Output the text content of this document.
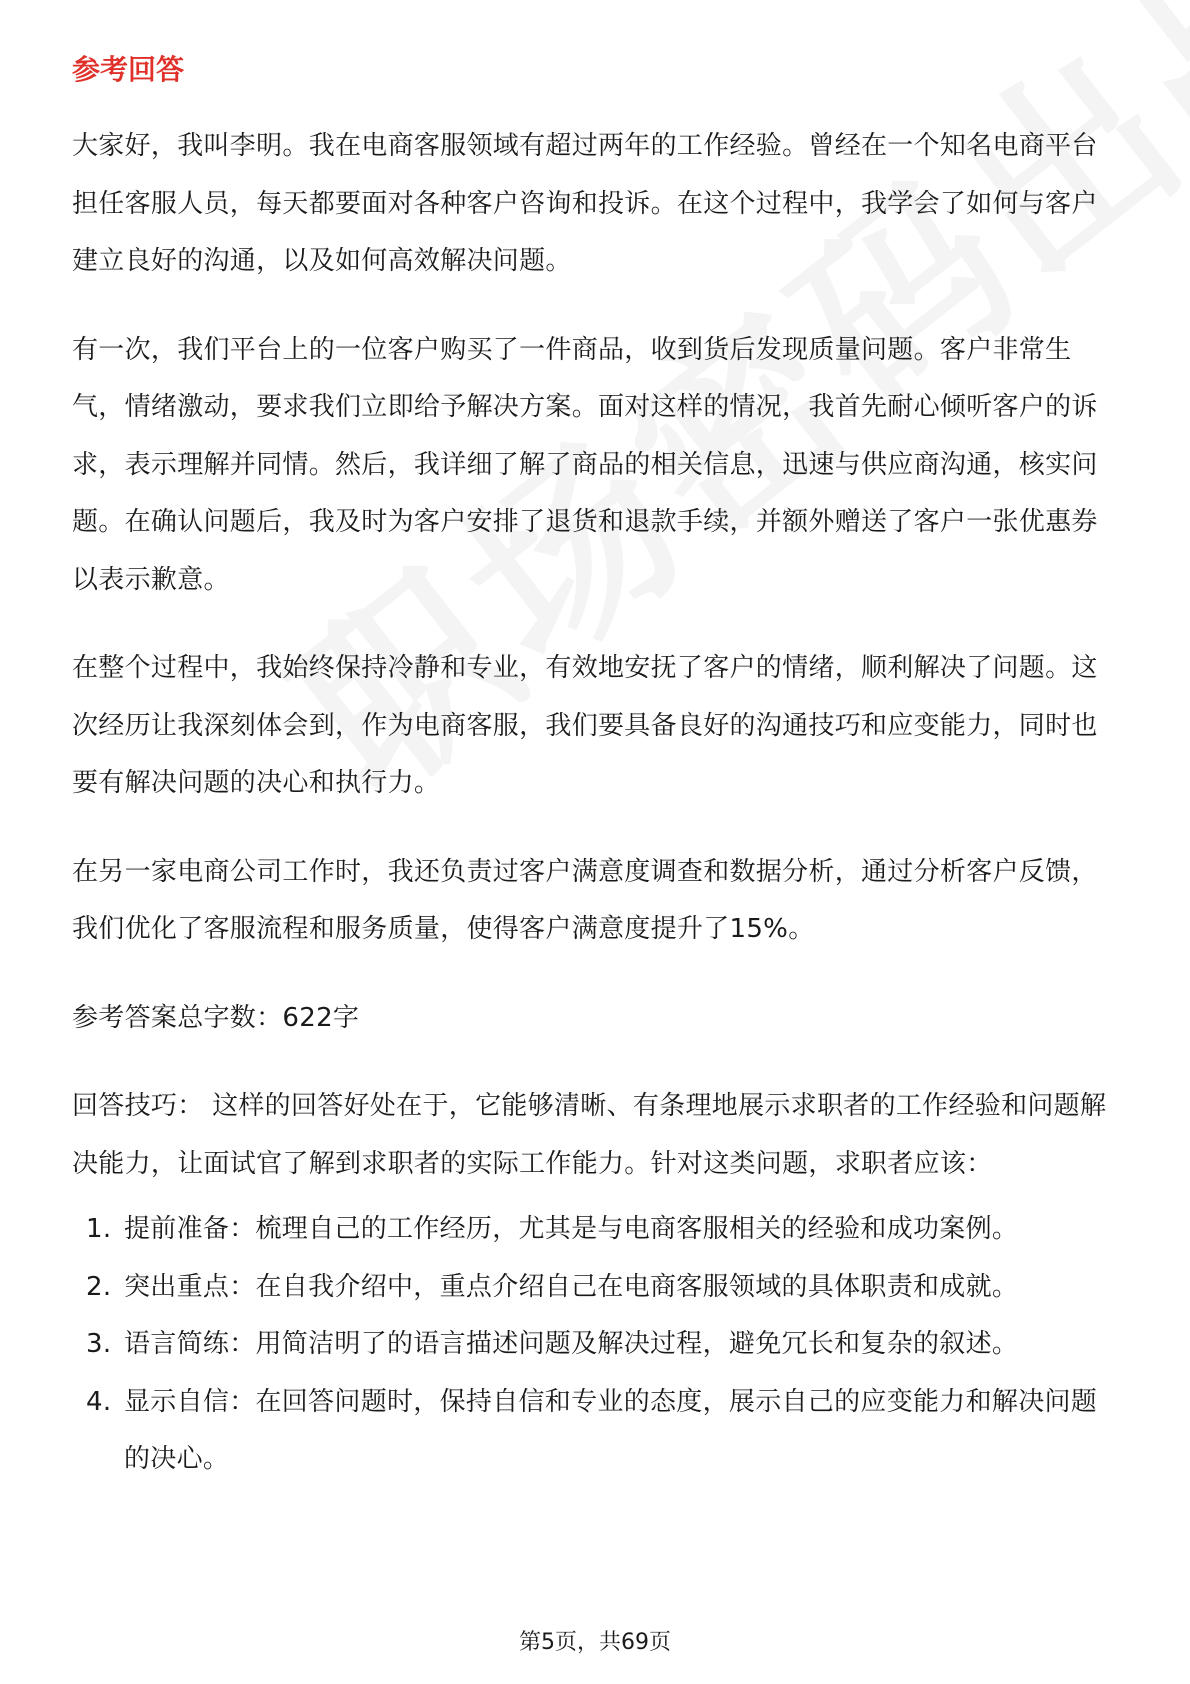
参考回答

大家好，我叫李明。我在电商客服领域有超过两年的工作经验。曾经在一个知名电商平台担任客服人员，每天都要面对各种客户咨询和投诉。在这个过程中，我学会了如何与客户建立良好的沟通，以及如何高效解决问题。

有一次，我们平台上的一位客户购买了一件商品，收到货后发现质量问题。客户非常生气，情绪激动，要求我们立即给予解决方案。面对这样的情况，我首先耐心倾听客户的诉求，表示理解并同情。然后，我详细了解了商品的相关信息，迅速与供应商沟通，核实问题。在确认问题后，我及时为客户安排了退货和退款手续，并额外赠送了客户一张优惠券以表示歉意。

在整个过程中，我始终保持冷静和专业，有效地安抚了客户的情绪，顺利解决了问题。这次经历让我深刻体会到，作为电商客服，我们要具备良好的沟通技巧和应变能力，同时也要有解决问题的决心和执行力。

在另一家电商公司工作时，我还负责过客户满意度调查和数据分析，通过分析客户反馈，我们优化了客服流程和服务质量，使得客户满意度提升了15%。

参考答案总字数：622字

回答技巧： 这样的回答好处在于，它能够清晰、有条理地展示求职者的工作经验和问题解决能力，让面试官了解到求职者的实际工作能力。针对这类问题，求职者应该：

1. 提前准备：梳理自己的工作经历，尤其是与电商客服相关的经验和成功案例。
2. 突出重点：在自我介绍中，重点介绍自己在电商客服领域的具体职责和成就。
3. 语言简练：用简洁明了的语言描述问题及解决过程，避免冗长和复杂的叙述。
4. 显示自信：在回答问题时，保持自信和专业的态度，展示自己的应变能力和解决问题的决心。
第5页，共69页
